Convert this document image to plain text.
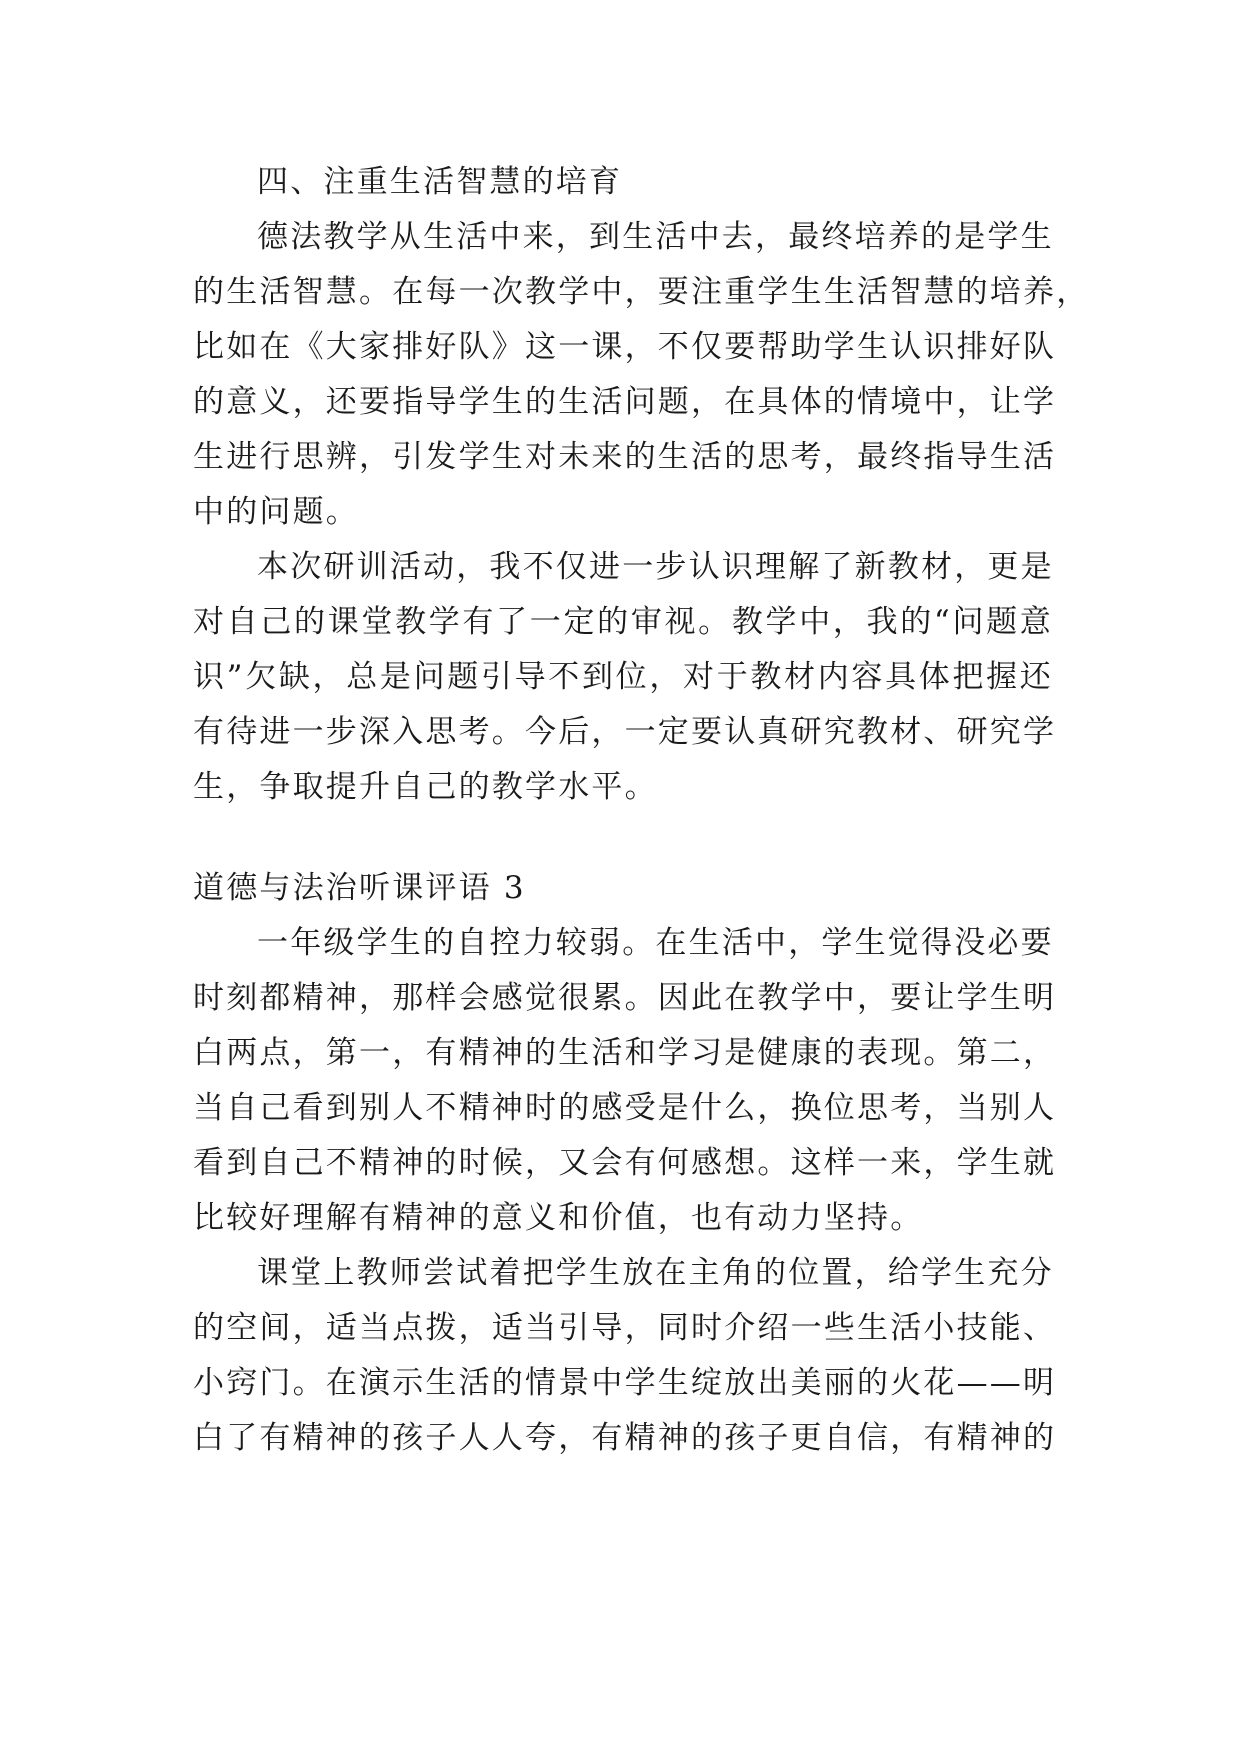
四、注重生活智慧的培育
德法教学从生活中来，到生活中去，最终培养的是学生
的生活智慧。在每一次教学中，要注重学生生活智慧的培养，
比如在《大家排好队》这一课，不仅要帮助学生认识排好队
的意义，还要指导学生的生活问题，在具体的情境中，让学
生进行思辨，引发学生对未来的生活的思考，最终指导生活
中的问题。
本次研训活动，我不仅进一步认识理解了新教材，更是
对自己的课堂教学有了一定的审视。教学中，我的“问题意
识”欠缺，总是问题引导不到位，对于教材内容具体把握还
有待进一步深入思考。今后，一定要认真研究教材、研究学
生，争取提升自己的教学水平。
道德与法治听课评语 3
一年级学生的自控力较弱。在生活中，学生觉得没必要
时刻都精神，那样会感觉很累。因此在教学中，要让学生明
白两点，第一，有精神的生活和学习是健康的表现。第二，
当自己看到别人不精神时的感受是什么，换位思考，当别人
看到自己不精神的时候，又会有何感想。这样一来，学生就
比较好理解有精神的意义和价值，也有动力坚持。
课堂上教师尝试着把学生放在主角的位置，给学生充分
的空间，适当点拨，适当引导，同时介绍一些生活小技能、
小窍门。在演示生活的情景中学生绽放出美丽的火花——明
白了有精神的孩子人人夸，有精神的孩子更自信，有精神的
